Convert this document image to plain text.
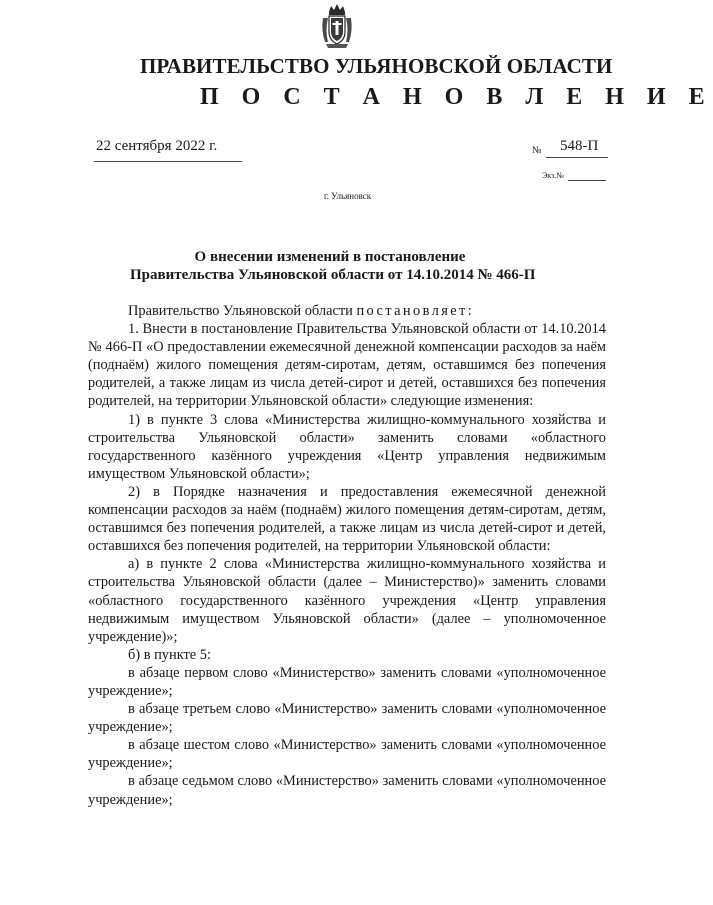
ПРАВИТЕЛЬСТВО УЛЬЯНОВСКОЙ ОБЛАСТИ
П О С Т А Н О В Л Е Н И Е
22 сентября 2022 г.	№ 548-П
Экз.№
г. Ульяновск
О внесении изменений в постановление
Правительства Ульяновской области от 14.10.2014 № 466-П

Правительство Ульяновской области постановляет:

1. Внести в постановление Правительства Ульяновской области от 14.10.2014 № 466-П «О предоставлении ежемесячной денежной компенсации расходов за наём (поднаём) жилого помещения детям-сиротам, детям, оставшимся без попечения родителей, а также лицам из числа детей-сирот и детей, оставшихся без попечения родителей, на территории Ульяновской области» следующие изменения:

1) в пункте 3 слова «Министерства жилищно-коммунального хозяйства и строительства Ульяновской области» заменить словами «областного государственного казённого учреждения «Центр управления недвижимым имуществом Ульяновской области»;

2) в Порядке назначения и предоставления ежемесячной денежной компенсации расходов за наём (поднаём) жилого помещения детям-сиротам, детям, оставшимся без попечения родителей, а также лицам из числа детей-сирот и детей, оставшихся без попечения родителей, на территории Ульяновской области:

а) в пункте 2 слова «Министерства жилищно-коммунального хозяйства и строительства Ульяновской области (далее – Министерство)» заменить словами «областного государственного казённого учреждения «Центр управления недвижимым имуществом Ульяновской области» (далее – уполномоченное учреждение)»;

б) в пункте 5:

в абзаце первом слово «Министерство» заменить словами «уполномоченное учреждение»;

в абзаце третьем слово «Министерство» заменить словами «уполномоченное учреждение»;

в абзаце шестом слово «Министерство» заменить словами «уполномоченное учреждение»;

в абзаце седьмом слово «Министерство» заменить словами «уполномоченное учреждение»;
